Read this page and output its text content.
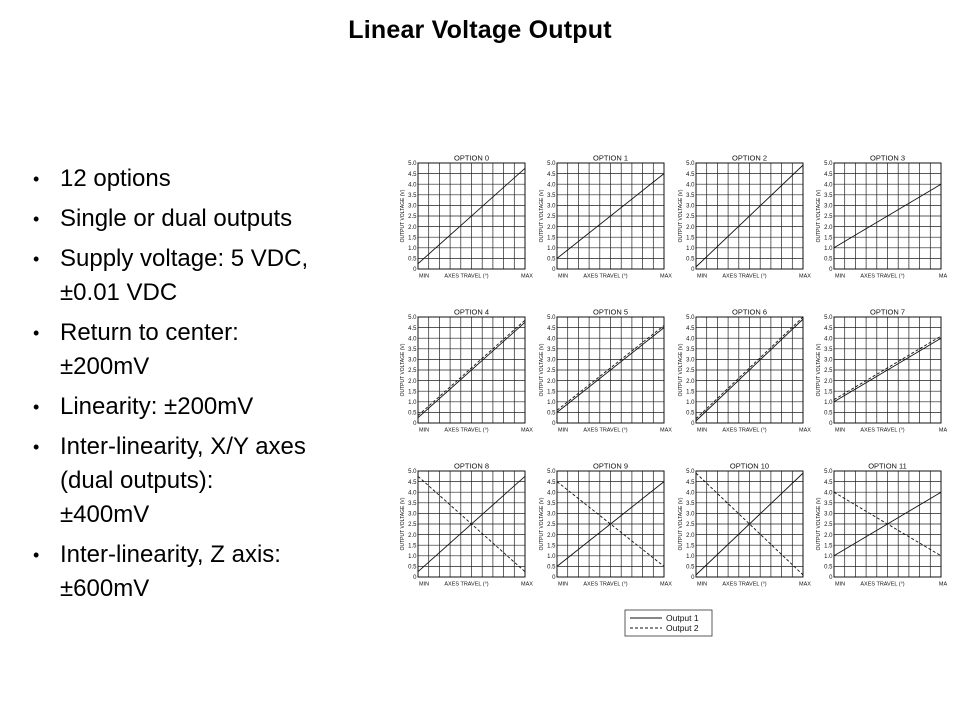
Linear Voltage Output
• 12 options
• Single or dual outputs
• Supply voltage: 5 VDC,
±0.01 VDC
• Return to center:
±200mV
• Linearity: ±200mV
• Inter-linearity, X/Y axes
(dual outputs):
±400mV
• Inter-linearity, Z axis:
±600mV
OPTION 0
0
0.5
1.0
1.5
2.0
2.5
3.0
3.5
4.0
4.5
5.0
OUTPUT VOLTAGE (V)
MIN	MAX
AXES TRAVEL (°)
OPTION 1
0
0.5
1.0
1.5
2.0
2.5
3.0
3.5
4.0
4.5
5.0
OUTPUT VOLTAGE (V)
MIN	MAX
AXES TRAVEL (°)
OPTION 2
0
0.5
1.0
1.5
2.0
2.5
3.0
3.5
4.0
4.5
5.0
OUTPUT VOLTAGE (V)
MIN	MAX
AXES TRAVEL (°)
OPTION 3
0
0.5
1.0
1.5
2.0
2.5
3.0
3.5
4.0
4.5
5.0
OUTPUT VOLTAGE (V)
MIN	MA
AXES TRAVEL (°)
OPTION 4
0
0.5
1.0
1.5
2.0
2.5
3.0
3.5
4.0
4.5
5.0
OUTPUT VOLTAGE (V)
MIN	MAX
AXES TRAVEL (°)
OPTION 5
0
0.5
1.0
1.5
2.0
2.5
3.0
3.5
4.0
4.5
5.0
OUTPUT VOLTAGE (V)
MIN	MAX
AXES TRAVEL (°)
OPTION 6
0
0.5
1.0
1.5
2.0
2.5
3.0
3.5
4.0
4.5
5.0
OUTPUT VOLTAGE (V)
MIN	MAX
AXES TRAVEL (°)
OPTION 7
0
0.5
1.0
1.5
2.0
2.5
3.0
3.5
4.0
4.5
5.0
OUTPUT VOLTAGE (V)
MIN	MA
AXES TRAVEL (°)
OPTION 8
0
0.5
1.0
1.5
2.0
2.5
3.0
3.5
4.0
4.5
5.0
OUTPUT VOLTAGE (V)
MIN	MAX
AXES TRAVEL (°)
OPTION 9
0
0.5
1.0
1.5
2.0
2.5
3.0
3.5
4.0
4.5
5.0
OUTPUT VOLTAGE (V)
MIN	MAX
AXES TRAVEL (°)
OPTION 10
0
0.5
1.0
1.5
2.0
2.5
3.0
3.5
4.0
4.5
5.0
OUTPUT VOLTAGE (V)
MIN	MAX
AXES TRAVEL (°)
OPTION 11
0
0.5
1.0
1.5
2.0
2.5
3.0
3.5
4.0
4.5
5.0
OUTPUT VOLTAGE (V)
MIN	MA
AXES TRAVEL (°)
Output 1
Output 2
